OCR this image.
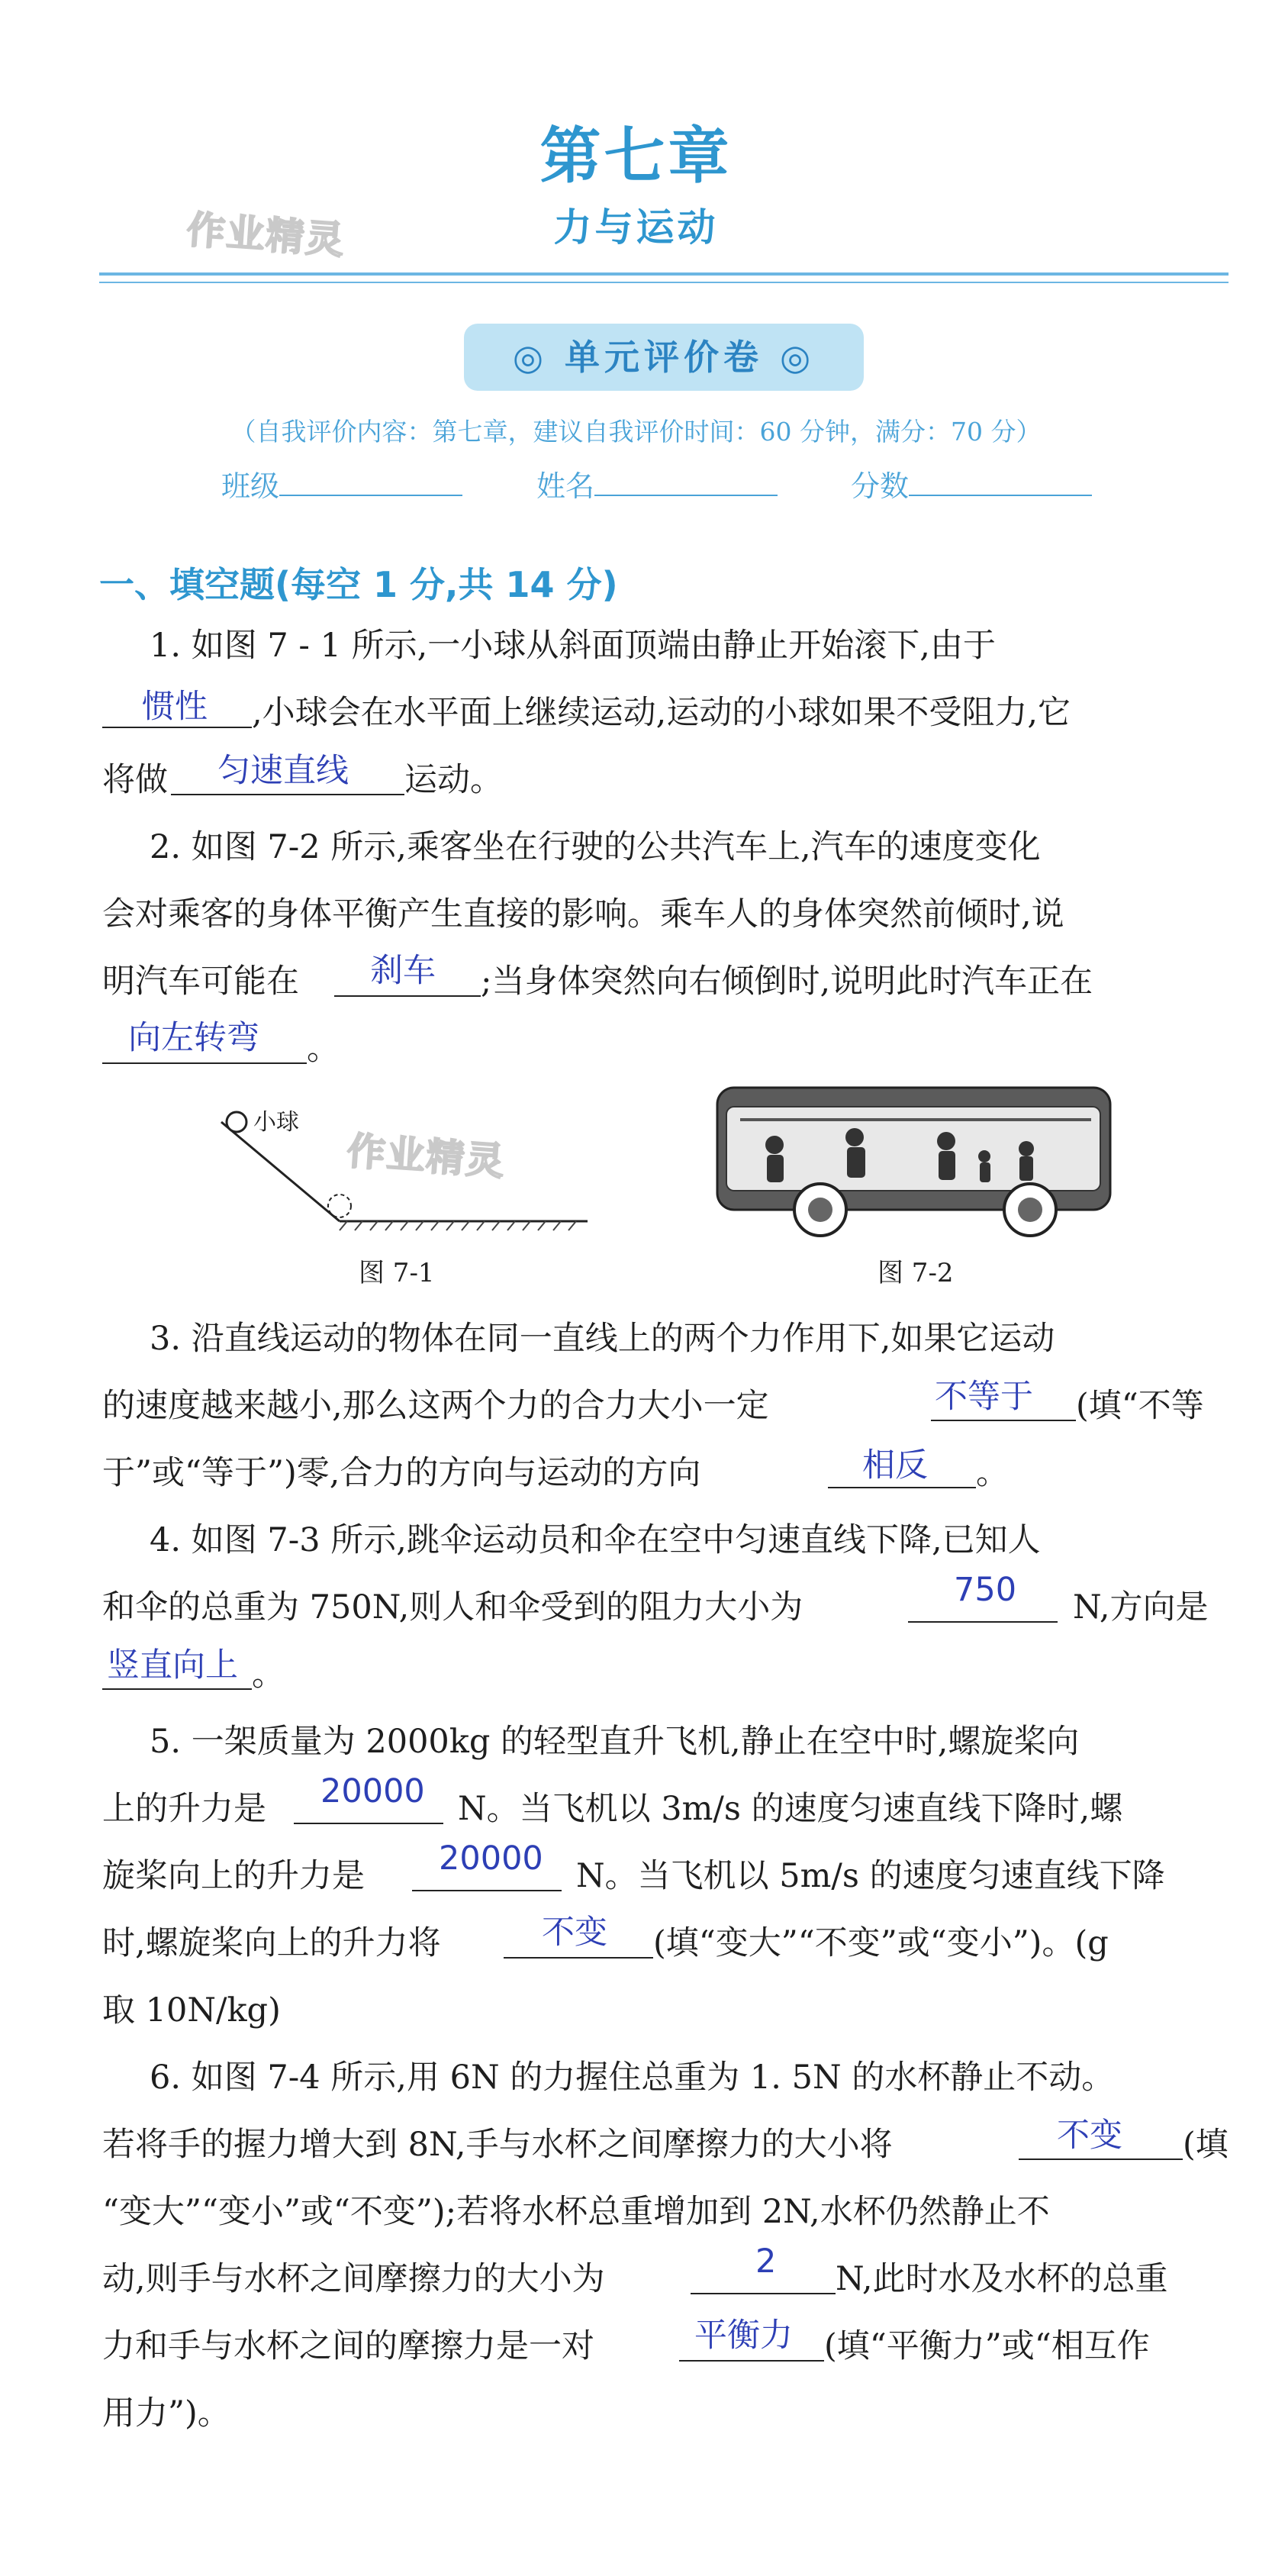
第七章
力与运动
作业精灵
◎ 单元评价卷 ◎
（自我评价内容：第七章，建议自我评价时间：60 分钟，满分：70 分）
班级	姓名	分数
一、填空题(每空 1 分,共 14 分)
1. 如图 7 - 1 所示,一小球从斜面顶端由静止开始滚下,由于
惯性 ,小球会在水平面上继续运动,运动的小球如果不受阻力,它
将做 匀速直线 运动。
2. 如图 7-2 所示,乘客坐在行驶的公共汽车上,汽车的速度变化
会对乘客的身体平衡产生直接的影响。乘车人的身体突然前倾时,说
明汽车可能在 刹车 ;当身体突然向右倾倒时,说明此时汽车正在
向左转弯 。
小球
作业精灵
图 7-1	图 7-2
3. 沿直线运动的物体在同一直线上的两个力作用下,如果它运动
的速度越来越小,那么这两个力的合力大小一定	不等于 (填“不等
于”或“等于”)零,合力的方向与运动的方向	相反 。
4. 如图 7-3 所示,跳伞运动员和伞在空中匀速直线下降,已知人
和伞的总重为 750N,则人和伞受到的阻力大小为	750 N,方向是
竖直向上 。
5. 一架质量为 2000kg 的轻型直升飞机,静止在空中时,螺旋桨向
上的升力是 20000 N。当飞机以 3m/s 的速度匀速直线下降时,螺
旋桨向上的升力是 20000 N。当飞机以 5m/s 的速度匀速直线下降
时,螺旋桨向上的升力将	不变 (填“变大”“不变”或“变小”)。(g
取 10N/kg)
6. 如图 7-4 所示,用 6N 的力握住总重为 1. 5N 的水杯静止不动。
若将手的握力增大到 8N,手与水杯之间摩擦力的大小将	不变 (填
“变大”“变小”或“不变”);若将水杯总重增加到 2N,水杯仍然静止不
动,则手与水杯之间摩擦力的大小为	2 N,此时水及水杯的总重
力和手与水杯之间的摩擦力是一对	平衡力 (填“平衡力”或“相互作
用力”)。
